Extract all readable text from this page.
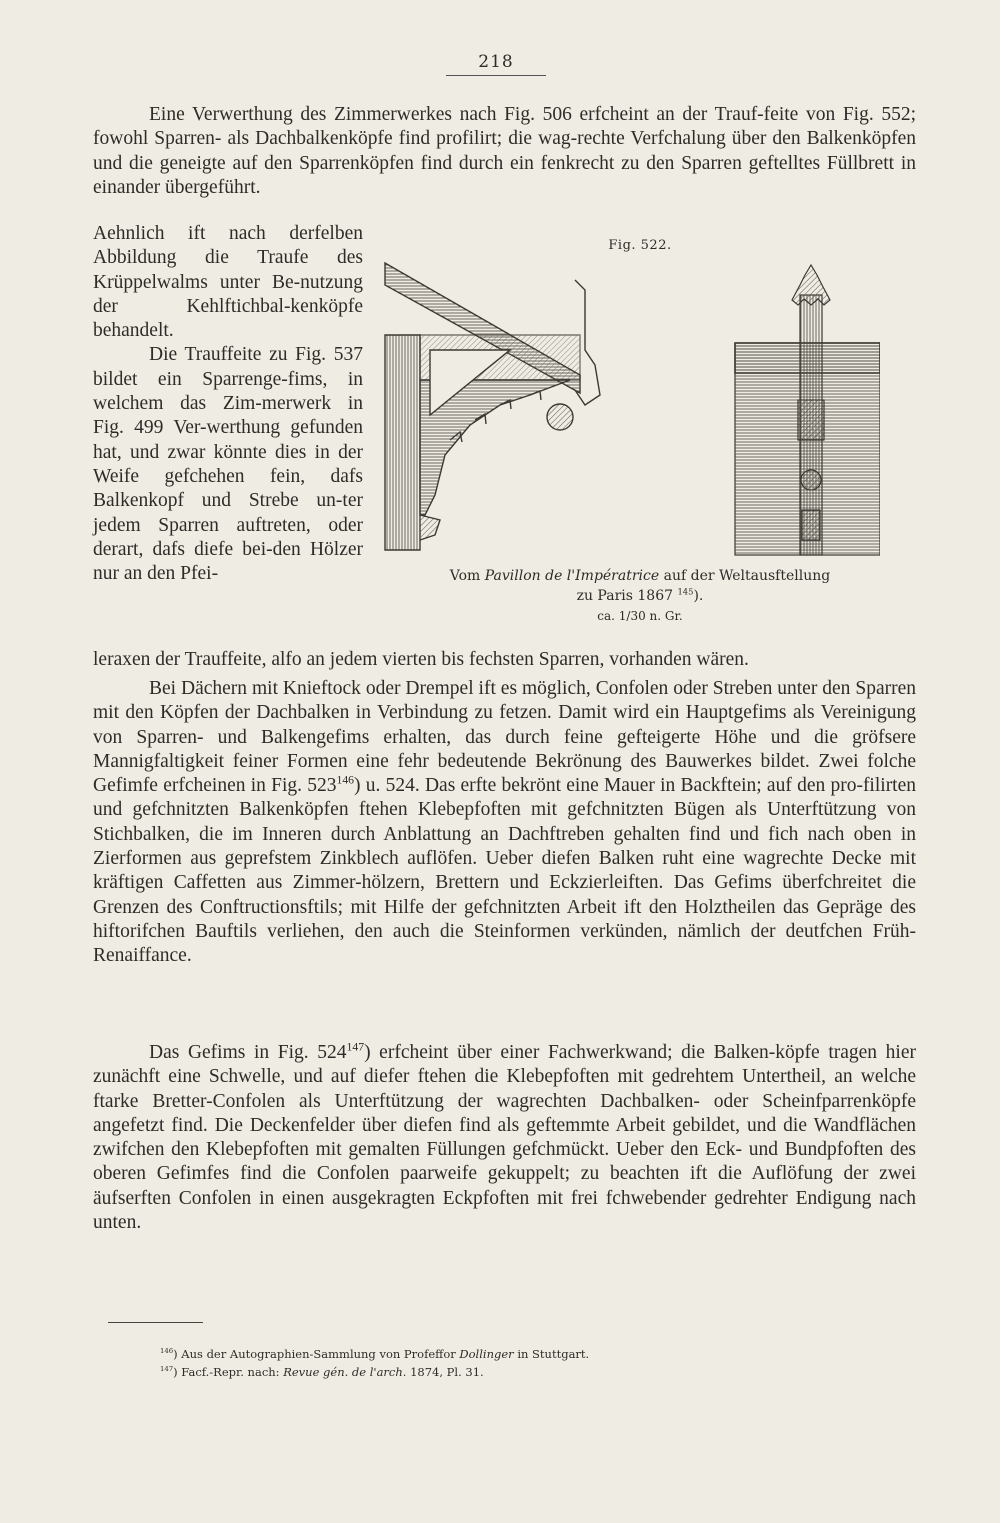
218

Eine Verwerthung des Zimmerwerkes nach Fig. 506 erfcheint an der Trauf-feite von Fig. 552; fowohl Sparren- als Dachbalkenköpfe find profilirt; die wag-rechte Verfchalung über den Balkenköpfen und die geneigte auf den Sparrenköpfen find durch ein fenkrecht zu den Sparren geftelltes Füllbrett in einander übergeführt.

Aehnlich ift nach derfelben Abbildung die Traufe des Krüppelwalms unter Be-nutzung der Kehlftichbal-kenköpfe behandelt.

Die Trauffeite zu Fig. 537 bildet ein Sparrenge-fims, in welchem das Zim-merwerk in Fig. 499 Ver-werthung gefunden hat, und zwar könnte dies in der Weife gefchehen fein, dafs Balkenkopf und Strebe un-ter jedem Sparren auftreten, oder derart, dafs diefe bei-den Hölzer nur an den Pfei-

Fig. 522.
Vom Pavillon de l'Impératrice auf der Weltausftellung
zu Paris 1867 $^{145}$).
ca. 1/30 n. Gr.

leraxen der Trauffeite, alfo an jedem vierten bis fechsten Sparren, vorhanden wären.

Bei Dächern mit Knieftock oder Drempel ift es möglich, Confolen oder Streben unter den Sparren mit den Köpfen der Dachbalken in Verbindung zu fetzen. Damit wird ein Hauptgefims als Vereinigung von Sparren- und Balkengefims erhalten, das durch feine gefteigerte Höhe und die gröfsere Mannigfaltigkeit feiner Formen eine fehr bedeutende Bekrönung des Bauwerkes bildet. Zwei folche Gefimfe erfcheinen in Fig. $523^{146}$) u. 524. Das erfte bekrönt eine Mauer in Backftein; auf den pro-filirten und gefchnitzten Balkenköpfen ftehen Klebepfoften mit gefchnitzten Bügen als Unterftützung von Stichbalken, die im Inneren durch Anblattung an Dachftreben gehalten find und fich nach oben in Zierformen aus geprefstem Zinkblech auflöfen. Ueber diefen Balken ruht eine wagrechte Decke mit kräftigen Caffetten aus Zimmer-hölzern, Brettern und Eckzierleiften. Das Gefims überfchreitet die Grenzen des Conftructionsftils; mit Hilfe der gefchnitzten Arbeit ift den Holztheilen das Gepräge des hiftorifchen Bauftils verliehen, den auch die Steinformen verkünden, nämlich der deutfchen Früh-Renaiffance.

Das Gefims in Fig. $524^{147}$) erfcheint über einer Fachwerkwand; die Balken-köpfe tragen hier zunächft eine Schwelle, und auf diefer ftehen die Klebepfoften mit gedrehtem Untertheil, an welche ftarke Bretter-Confolen als Unterftützung der wagrechten Dachbalken- oder Scheinfparrenköpfe angefetzt find. Die Deckenfelder über diefen find als geftemmte Arbeit gebildet, und die Wandflächen zwifchen den Klebepfoften mit gemalten Füllungen gefchmückt. Ueber den Eck- und Bundpfoften des oberen Gefimfes find die Confolen paarweife gekuppelt; zu beachten ift die Auflöfung der zwei äufserften Confolen in einen ausgekragten Eckpfoften mit frei fchwebender gedrehter Endigung nach unten.

$^{146}$) Aus der Autographien-Sammlung von Profeffor Dollinger in Stuttgart.
$^{147}$) Facf.-Repr. nach: Revue gén. de l'arch. 1874, Pl. 31.
